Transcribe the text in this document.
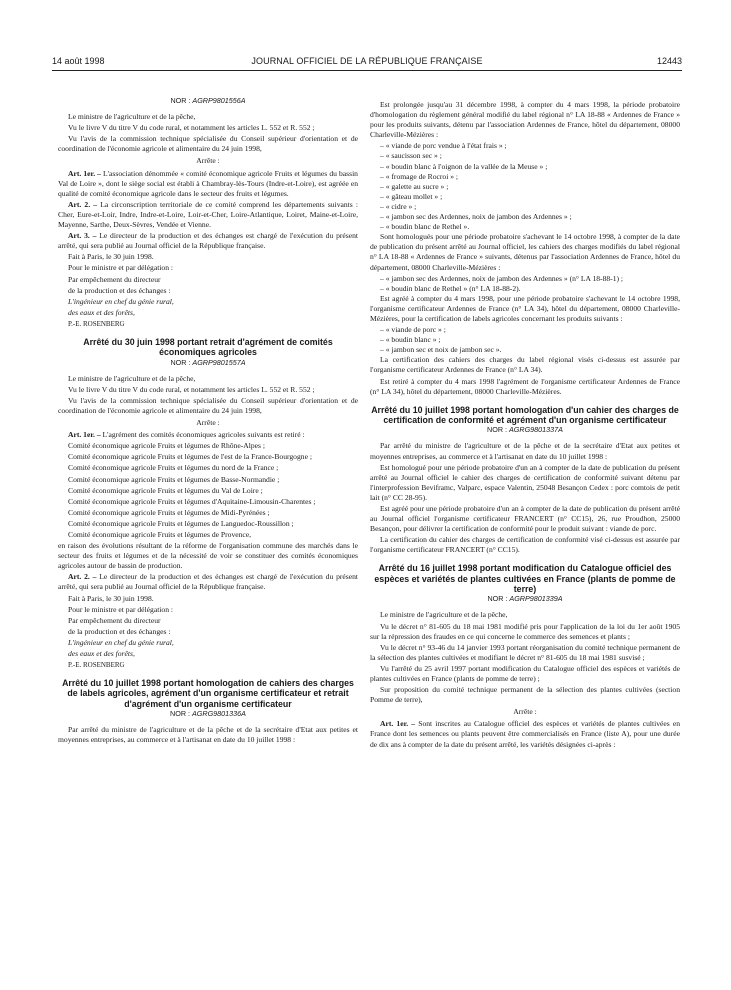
14 août 1998	JOURNAL OFFICIEL DE LA RÉPUBLIQUE FRANÇAISE	12443
NOR : AGRP9801556A

Le ministre de l'agriculture et de la pêche,

Vu le livre V du titre V du code rural, et notamment les articles L. 552 et R. 552 ;

Vu l'avis de la commission technique spécialisée du Conseil supérieur d'orientation et de coordination de l'économie agricole et alimentaire du 24 juin 1998,

Arrête :

Art. 1er. – L'association dénommée « comité économique agricole Fruits et légumes du bassin Val de Loire », dont le siège social est établi à Chambray-lès-Tours (Indre-et-Loire), est agréée en qualité de comité économique agricole dans le secteur des fruits et légumes.

Art. 2. – La circonscription territoriale de ce comité comprend les départements suivants : Cher, Eure-et-Loir, Indre, Indre-et-Loire, Loir-et-Cher, Loire-Atlantique, Loiret, Maine-et-Loire, Mayenne, Sarthe, Deux-Sèvres, Vendée et Vienne.

Art. 3. – Le directeur de la production et des échanges est chargé de l'exécution du présent arrêté, qui sera publié au Journal officiel de la République française.

Fait à Paris, le 30 juin 1998.

Pour le ministre et par délégation :

Par empêchement du directeur

de la production et des échanges :

L'ingénieur en chef du génie rural,

des eaux et des forêts,

P.-E. ROSENBERG

Arrêté du 30 juin 1998 portant retrait d'agrément de comités économiques agricoles
NOR : AGRP9801557A

Le ministre de l'agriculture et de la pêche,

Vu le livre V du titre V du code rural, et notamment les articles L. 552 et R. 552 ;

Vu l'avis de la commission technique spécialisée du Conseil supérieur d'orientation et de coordination de l'économie agricole et alimentaire du 24 juin 1998,

Arrête :

Art. 1er. – L'agrément des comités économiques agricoles suivants est retiré :

Comité économique agricole Fruits et légumes de Rhône-Alpes ;

Comité économique agricole Fruits et légumes de l'est de la France-Bourgogne ;

Comité économique agricole Fruits et légumes du nord de la France ;

Comité économique agricole Fruits et légumes de Basse-Normandie ;

Comité économique agricole Fruits et légumes du Val de Loire ;

Comité économique agricole Fruits et légumes d'Aquitaine-Limousin-Charentes ;

Comité économique agricole Fruits et légumes de Midi-Pyrénées ;

Comité économique agricole Fruits et légumes de Languedoc-Roussillon ;

Comité économique agricole Fruits et légumes de Provence,

en raison des évolutions résultant de la réforme de l'organisation commune des marchés dans le secteur des fruits et légumes et de la nécessité de voir se constituer des comités économiques agricoles autour de bassin de production.

Art. 2. – Le directeur de la production et des échanges est chargé de l'exécution du présent arrêté, qui sera publié au Journal officiel de la République française.

Fait à Paris, le 30 juin 1998.

Pour le ministre et par délégation :

Par empêchement du directeur

de la production et des échanges :

L'ingénieur en chef du génie rural,

des eaux et des forêts,

P.-E. ROSENBERG

Arrêté du 10 juillet 1998 portant homologation de cahiers des charges de labels agricoles, agrément d'un organisme certificateur et retrait d'agrément d'un organisme certificateur
NOR : AGRG9801336A

Par arrêté du ministre de l'agriculture et de la pêche et de la secrétaire d'Etat aux petites et moyennes entreprises, au commerce et à l'artisanat en date du 10 juillet 1998 :

Est prolongée jusqu'au 31 décembre 1998, à compter du 4 mars 1998, la période probatoire d'homologation du règlement général modifié du label régional n° LA 18-88 « Ardennes de France » pour les produits suivants, détenu par l'association Ardennes de France, hôtel du département, 08000 Charleville-Mézières :

– « viande de porc vendue à l'état frais » ;
– « saucisson sec » ;
– « boudin blanc à l'oignon de la vallée de la Meuse » ;
– « fromage de Rocroi » ;
– « galette au sucre » ;
– « gâteau mollet » ;
– « cidre » ;
– « jambon sec des Ardennes, noix de jambon des Ardennes » ;
– « boudin blanc de Rethel ».

Sont homologués pour une période probatoire s'achevant le 14 octobre 1998, à compter de la date de publication du présent arrêté au Journal officiel, les cahiers des charges modifiés du label régional n° LA 18-88 « Ardennes de France » suivants, détenus par l'association Ardennes de France, hôtel du département, 08000 Charleville-Mézières :

– « jambon sec des Ardennes, noix de jambon des Ardennes » (n° LA 18-88-1) ;
– « boudin blanc de Rethel » (n° LA 18-88-2).

Est agréé à compter du 4 mars 1998, pour une période probatoire s'achevant le 14 octobre 1998, l'organisme certificateur Ardennes de France (n° LA 34), hôtel du département, 08000 Charleville-Mézières, pour la certification de labels agricoles concernant les produits suivants :

– « viande de porc » ;
– « boudin blanc » ;
– « jambon sec et noix de jambon sec ».

La certification des cahiers des charges du label régional visés ci-dessus est assurée par l'organisme certificateur Ardennes de France (n° LA 34).

Est retiré à compter du 4 mars 1998 l'agrément de l'organisme certificateur Ardennes de France (n° LA 34), hôtel du département, 08000 Charleville-Mézières.

Arrêté du 10 juillet 1998 portant homologation d'un cahier des charges de certification de conformité et agrément d'un organisme certificateur
NOR : AGRG9801337A

Par arrêté du ministre de l'agriculture et de la pêche et de la secrétaire d'Etat aux petites et moyennes entreprises, au commerce et à l'artisanat en date du 10 juillet 1998 :

Est homologué pour une période probatoire d'un an à compter de la date de publication du présent arrêté au Journal officiel le cahier des charges de certification de conformité suivant détenu par l'interprofession Beviframc, Valparc, espace Valentin, 25048 Besançon Cedex : porc comtois de petit lait (n° CC 28-95).

Est agréé pour une période probatoire d'un an à compter de la date de publication du présent arrêté au Journal officiel l'organisme certificateur FRANCERT (n° CC15), 26, rue Proudhon, 25000 Besançon, pour délivrer la certification de conformité pour le produit suivant : viande de porc.

La certification du cahier des charges de certification de conformité visé ci-dessus est assurée par l'organisme certificateur FRANCERT (n° CC15).

Arrêté du 16 juillet 1998 portant modification du Catalogue officiel des espèces et variétés de plantes cultivées en France (plants de pomme de terre)
NOR : AGRP9801339A

Le ministre de l'agriculture et de la pêche,

Vu le décret n° 81-605 du 18 mai 1981 modifié pris pour l'application de la loi du 1er août 1905 sur la répression des fraudes en ce qui concerne le commerce des semences et plants ;

Vu le décret n° 93-46 du 14 janvier 1993 portant réorganisation du comité technique permanent de la sélection des plantes cultivées et modifiant le décret n° 81-605 du 18 mai 1981 susvisé ;

Vu l'arrêté du 25 avril 1997 portant modification du Catalogue officiel des espèces et variétés de plantes cultivées en France (plants de pomme de terre) ;

Sur proposition du comité technique permanent de la sélection des plantes cultivées (section Pomme de terre),

Arrête :

Art. 1er. – Sont inscrites au Catalogue officiel des espèces et variétés de plantes cultivées en France dont les semences ou plants peuvent être commercialisés en France (liste A), pour une durée de dix ans à compter de la date du présent arrêté, les variétés désignées ci-après :
